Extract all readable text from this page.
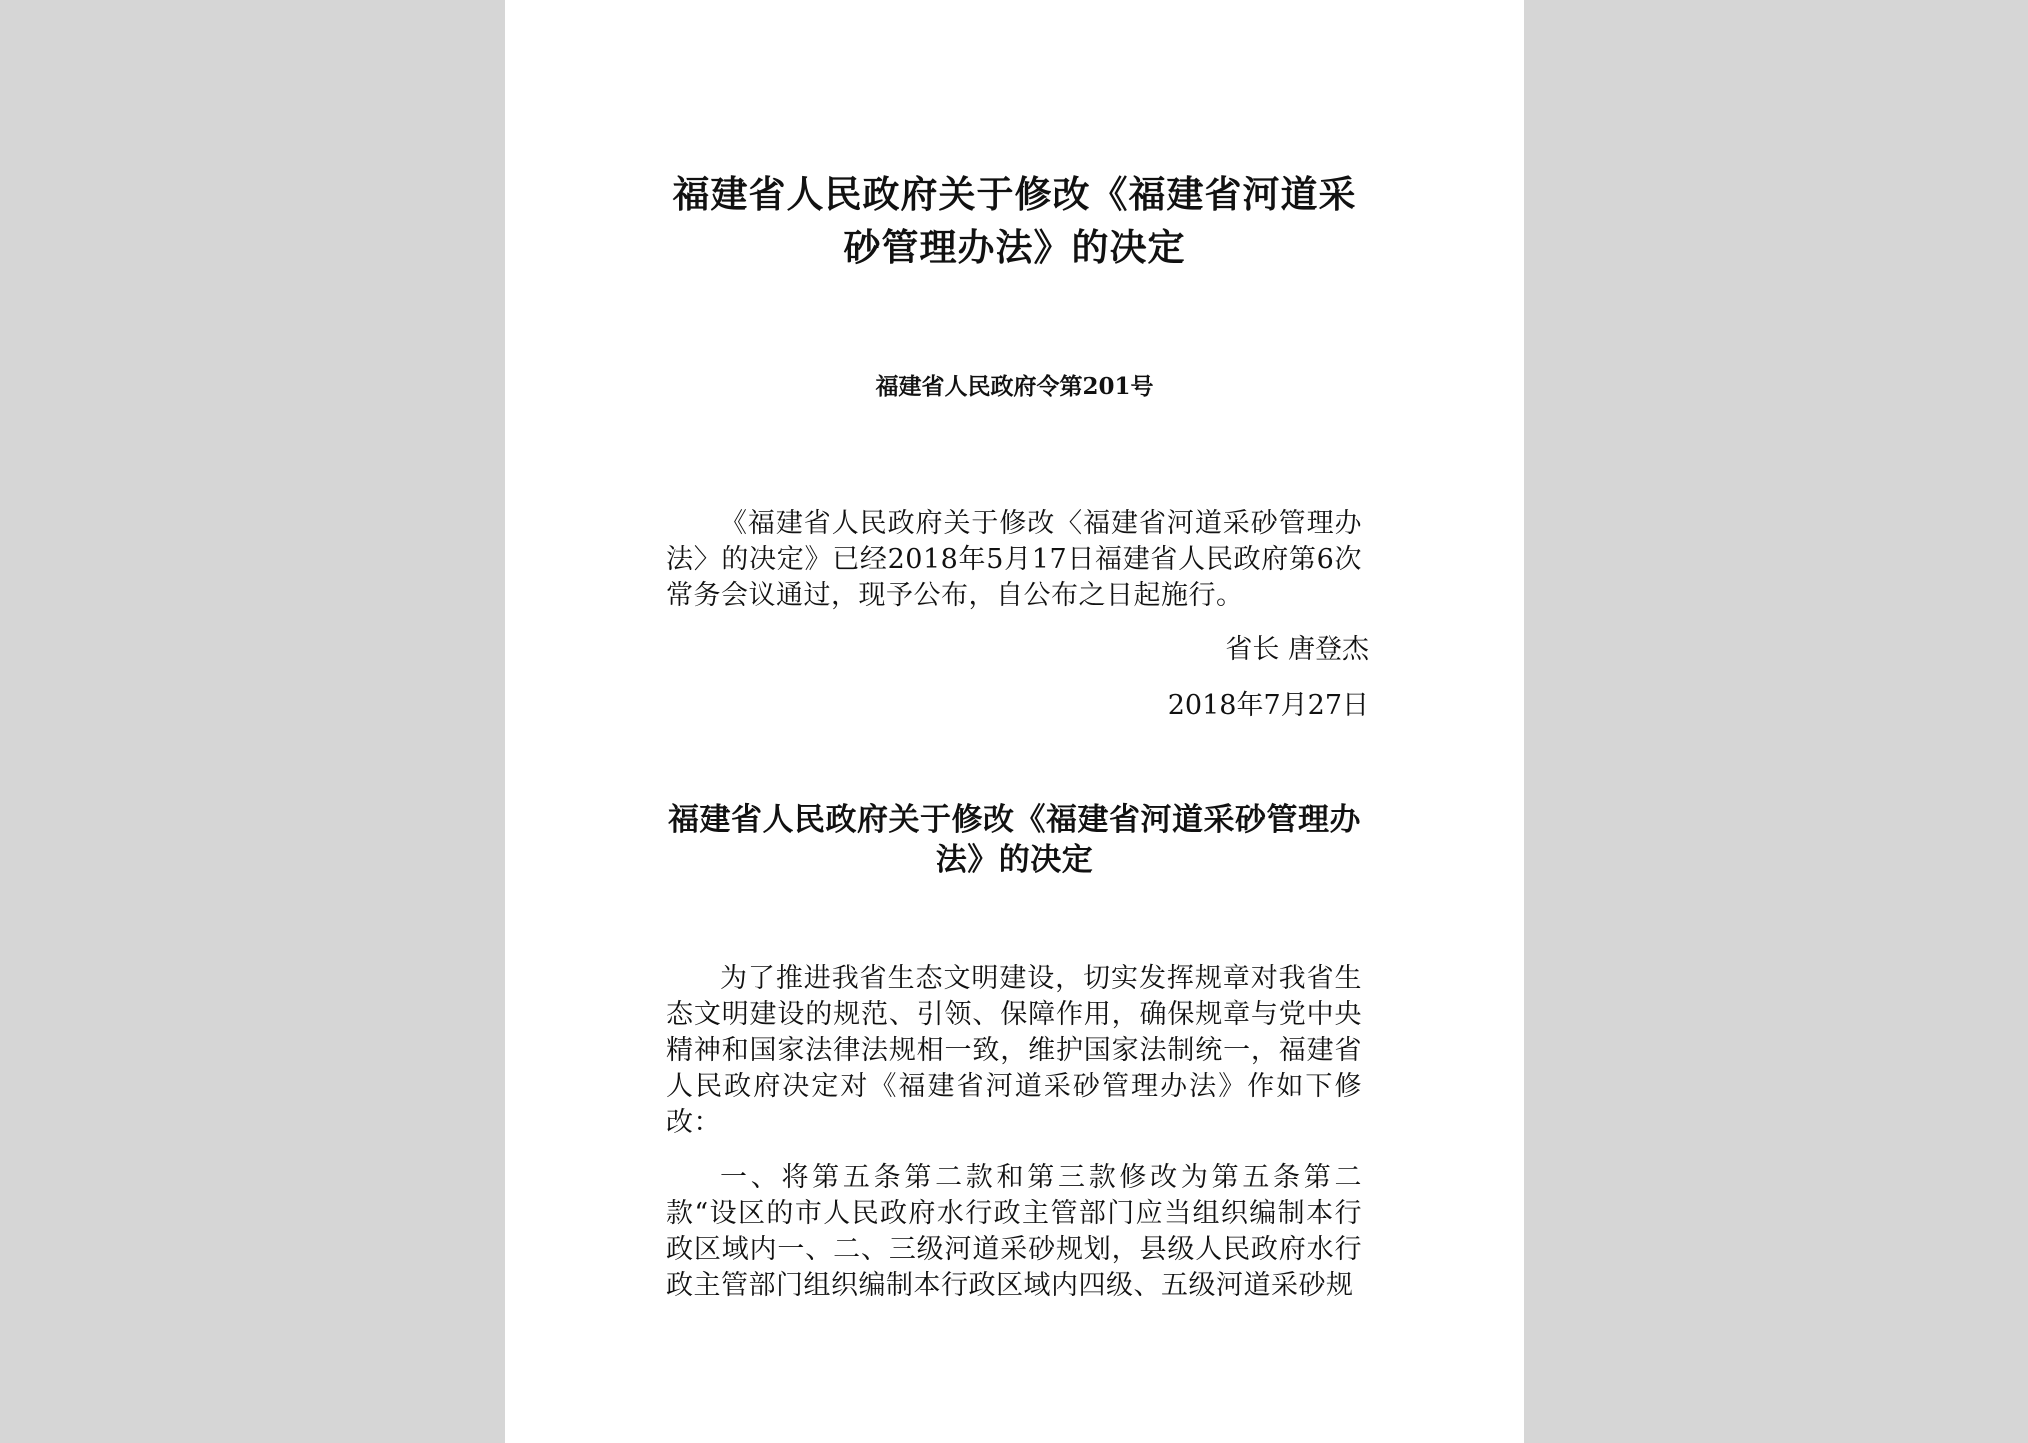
福建省人民政府关于修改《福建省河道采
砂管理办法》的决定
福建省人民政府令第201号
《福建省人民政府关于修改〈福建省河道采砂管理办法〉的决定》已经2018年5月17日福建省人民政府第6次常务会议通过，现予公布，自公布之日起施行。
省长 唐登杰
2018年7月27日
福建省人民政府关于修改《福建省河道采砂管理办
法》的决定
为了推进我省生态文明建设，切实发挥规章对我省生态文明建设的规范、引领、保障作用，确保规章与党中央精神和国家法律法规相一致，维护国家法制统一，福建省人民政府决定对《福建省河道采砂管理办法》作如下修改：
一、将第五条第二款和第三款修改为第五条第二款“设区的市人民政府水行政主管部门应当组织编制本行政区域内一、二、三级河道采砂规划，县级人民政府水行政主管部门组织编制本行政区域内四级、五级河道采砂规
